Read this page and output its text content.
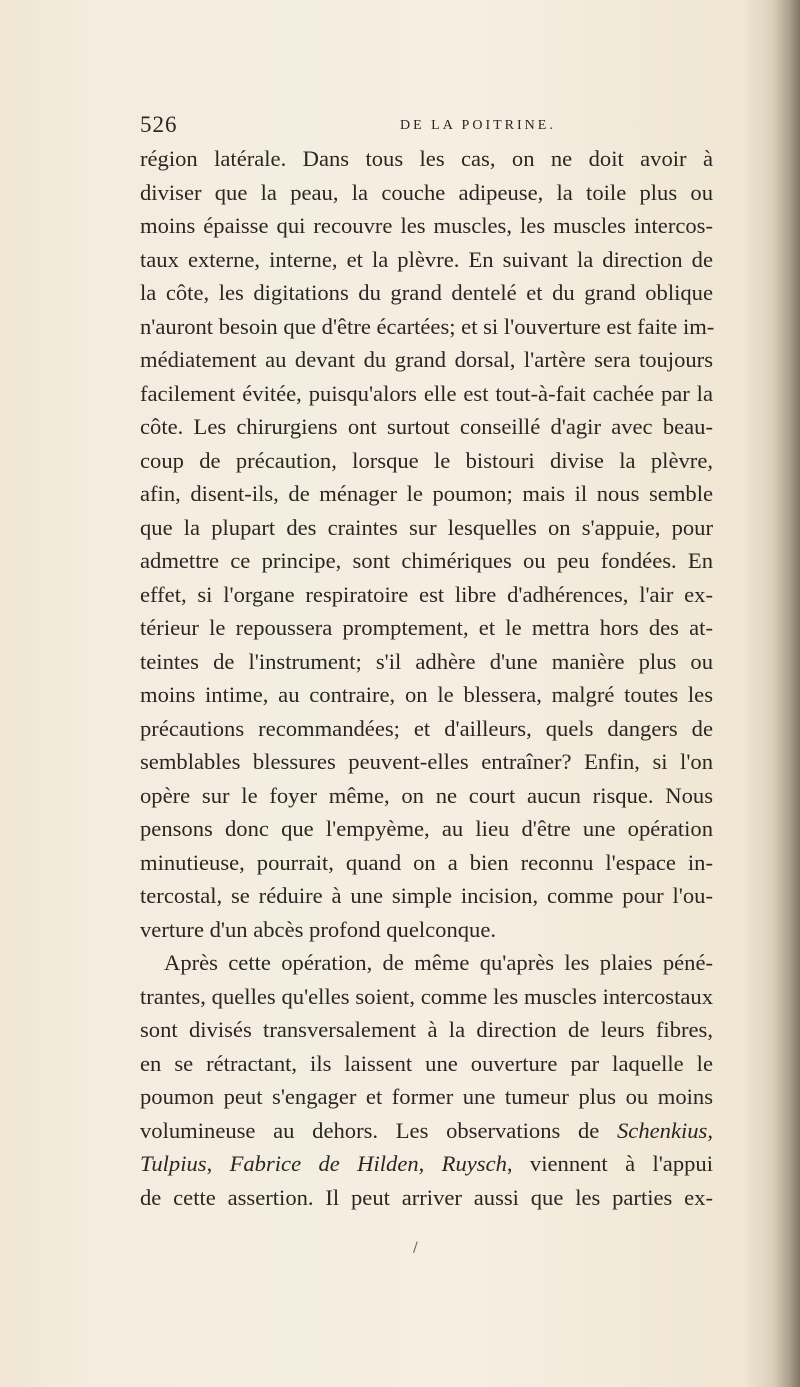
526	DE LA POITRINE.
région latérale. Dans tous les cas, on ne doit avoir à
diviser que la peau, la couche adipeuse, la toile plus ou
moins épaisse qui recouvre les muscles, les muscles intercos-
taux externe, interne, et la plèvre. En suivant la direction de
la côte, les digitations du grand dentelé et du grand oblique
n'auront besoin que d'être écartées; et si l'ouverture est faite im-
médiatement au devant du grand dorsal, l'artère sera toujours
facilement évitée, puisqu'alors elle est tout-à-fait cachée par la
côte. Les chirurgiens ont surtout conseillé d'agir avec beau-
coup de précaution, lorsque le bistouri divise la plèvre,
afin, disent-ils, de ménager le poumon; mais il nous semble
que la plupart des craintes sur lesquelles on s'appuie, pour
admettre ce principe, sont chimériques ou peu fondées. En
effet, si l'organe respiratoire est libre d'adhérences, l'air ex-
térieur le repoussera promptement, et le mettra hors des at-
teintes de l'instrument; s'il adhère d'une manière plus ou
moins intime, au contraire, on le blessera, malgré toutes les
précautions recommandées; et d'ailleurs, quels dangers de
semblables blessures peuvent-elles entraîner? Enfin, si l'on
opère sur le foyer même, on ne court aucun risque. Nous
pensons donc que l'empyème, au lieu d'être une opération
minutieuse, pourrait, quand on a bien reconnu l'espace in-
tercostal, se réduire à une simple incision, comme pour l'ou-
verture d'un abcès profond quelconque.
Après cette opération, de même qu'après les plaies péné-
trantes, quelles qu'elles soient, comme les muscles intercostaux
sont divisés transversalement à la direction de leurs fibres,
en se rétractant, ils laissent une ouverture par laquelle le
poumon peut s'engager et former une tumeur plus ou moins
volumineuse au dehors. Les observations de Schenkius,
Tulpius, Fabrice de Hilden, Ruysch, viennent à l'appui
de cette assertion. Il peut arriver aussi que les parties ex-
/
